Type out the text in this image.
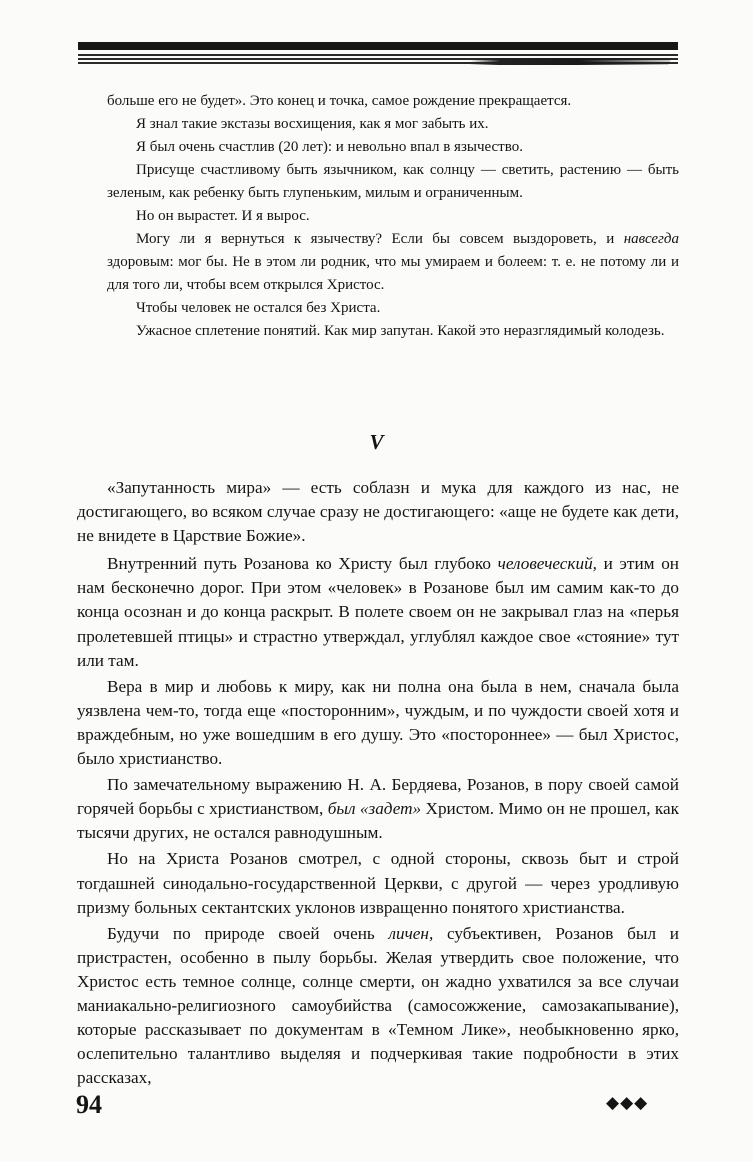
больше его не будет». Это конец и точка, самое рождение прекращается.

Я знал такие экстазы восхищения, как я мог забыть их.

Я был очень счастлив (20 лет): и невольно впал в язычество.

Присуще счастливому быть язычником, как солнцу — светить, растению — быть зеленым, как ребенку быть глупеньким, милым и ограниченным.

Но он вырастет. И я вырос.

Могу ли я вернуться к язычеству? Если бы совсем выздороветь, и навсегда здоровым: мог бы. Не в этом ли родник, что мы умираем и болеем: т. е. не потому ли и для того ли, чтобы всем открылся Христос.

Чтобы человек не остался без Христа.

Ужасное сплетение понятий. Как мир запутан. Какой это неразглядимый колодезь.

V

«Запутанность мира» — есть соблазн и мука для каждого из нас, не достигающего, во всяком случае сразу не достигающего: «аще не будете как дети, не внидете в Царствие Божие».

Внутренний путь Розанова ко Христу был глубоко человеческий, и этим он нам бесконечно дорог. При этом «человек» в Розанове был им самим как-то до конца осознан и до конца раскрыт. В полете своем он не закрывал глаз на «перья пролетевшей птицы» и страстно утверждал, углублял каждое свое «стояние» тут или там.

Вера в мир и любовь к миру, как ни полна она была в нем, сначала была уязвлена чем-то, тогда еще «посторонним», чуждым, и по чуждости своей хотя и враждебным, но уже вошедшим в его душу. Это «постороннее» — был Христос, было христианство.

По замечательному выражению Н. А. Бердяева, Розанов, в пору своей самой горячей борьбы с христианством, был «задет» Христом. Мимо он не прошел, как тысячи других, не остался равнодушным.

Но на Христа Розанов смотрел, с одной стороны, сквозь быт и строй тогдашней синодально-государственной Церкви, с другой — через уродливую призму больных сектантских уклонов извращенно понятого христианства.

Будучи по природе своей очень личен, субъективен, Розанов был и пристрастен, особенно в пылу борьбы. Желая утвердить свое положение, что Христос есть темное солнце, солнце смерти, он жадно ухватился за все случаи маниакально-религиозного самоубийства (самосожжение, самозакапывание), которые рассказывает по документам в «Темном Лике», необыкновенно ярко, ослепительно талантливо выделяя и подчеркивая такие подробности в этих рассказах,

94	◆◆◆
